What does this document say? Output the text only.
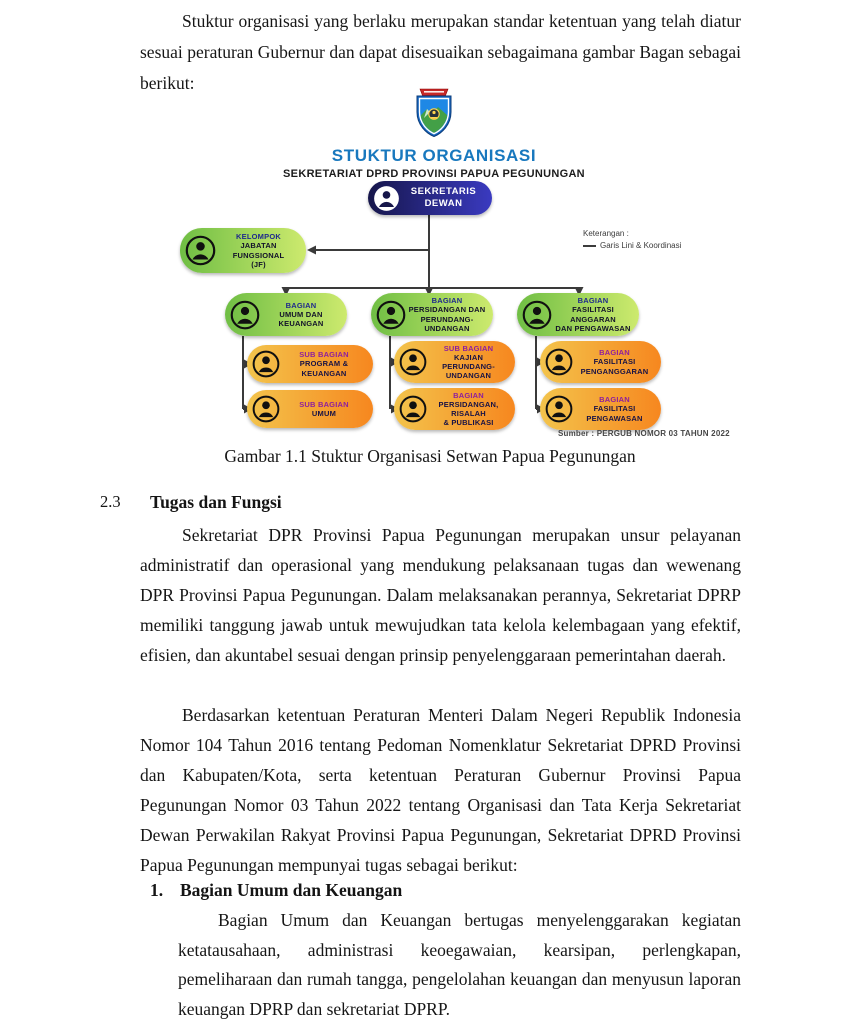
Stuktur organisasi yang berlaku merupakan standar ketentuan yang telah diatur sesuai peraturan Gubernur dan dapat disesuaikan sebagaimana gambar Bagan sebagai berikut:
STUKTUR ORGANISASI
SEKRETARIAT DPRD PROVINSI PAPUA PEGUNUNGAN
SEKRETARIS DEWAN
KELOMPOK
JABATAN FUNGSIONAL
(JF)
Keterangan :
Garis Lini & Koordinasi
BAGIAN
UMUM DAN KEUANGAN
BAGIAN
PERSIDANGAN DAN
PERUNDANG-UNDANGAN
BAGIAN
FASILITASI ANGGARAN
DAN PENGAWASAN
SUB BAGIAN
PROGRAM & KEUANGAN
SUB BAGIAN
UMUM
SUB BAGIAN
KAJIAN PERUNDANG-
UNDANGAN
BAGIAN
PERSIDANGAN, RISALAH
& PUBLIKASI
BAGIAN
FASILITASI
PENGANGGARAN
BAGIAN
FASILITASI
PENGAWASAN
Sumber : PERGUB NOMOR 03 TAHUN 2022
Gambar 1.1 Stuktur Organisasi Setwan Papua Pegunungan
2.3 Tugas dan Fungsi
Sekretariat DPR Provinsi Papua Pegunungan merupakan unsur pelayanan administratif dan operasional yang mendukung pelaksanaan tugas dan wewenang DPR Provinsi Papua Pegunungan. Dalam melaksanakan perannya, Sekretariat DPRP memiliki tanggung jawab untuk mewujudkan tata kelola kelembagaan yang efektif, efisien, dan akuntabel sesuai dengan prinsip penyelenggaraan pemerintahan daerah.
Berdasarkan ketentuan Peraturan Menteri Dalam Negeri Republik Indonesia Nomor 104 Tahun 2016 tentang Pedoman Nomenklatur Sekretariat DPRD Provinsi dan Kabupaten/Kota, serta ketentuan Peraturan Gubernur Provinsi Papua Pegunungan Nomor 03 Tahun 2022 tentang Organisasi dan Tata Kerja Sekretariat Dewan Perwakilan Rakyat Provinsi Papua Pegunungan, Sekretariat DPRD Provinsi Papua Pegunungan mempunyai tugas sebagai berikut:
1. Bagian Umum dan Keuangan
Bagian Umum dan Keuangan bertugas menyelenggarakan kegiatan ketatausahaan, administrasi keoegawaian, kearsipan, perlengkapan, pemeliharaan dan rumah tangga, pengelolahan keuangan dan menyusun laporan keuangan DPRP dan sekretariat DPRP.
